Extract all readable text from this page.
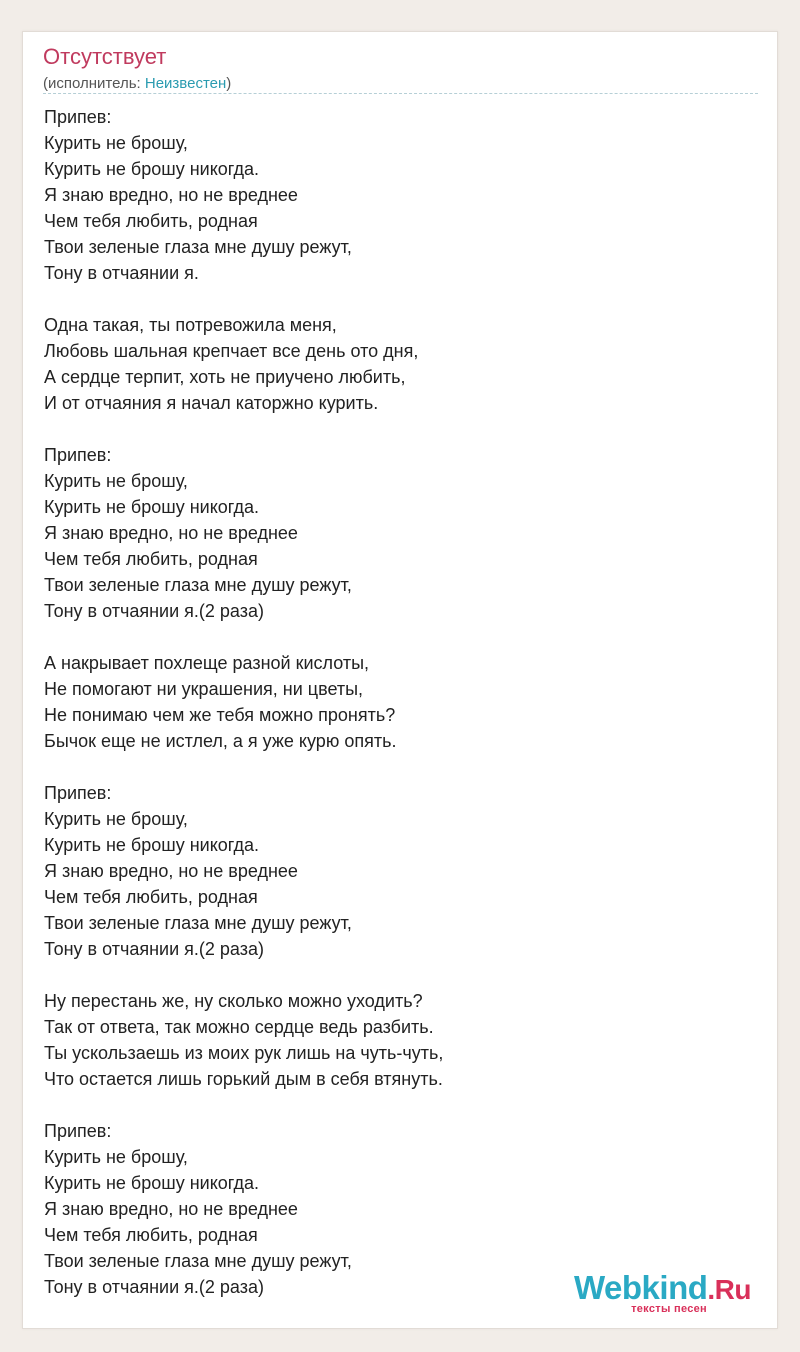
Отсутствует
(исполнитель: Неизвестен)
Припев:
Курить не брошу,
Курить не брошу никогда.
Я знаю вредно, но не вреднее
Чем тебя любить, родная
Твои зеленые глаза мне душу режут,
Тону в отчаянии я.
Одна такая, ты потревожила меня,
Любовь шальная крепчает все день ото дня,
А сердце терпит, хоть не приучено любить,
И от отчаяния я начал каторжно курить.
Припев:
Курить не брошу,
Курить не брошу никогда.
Я знаю вредно, но не вреднее
Чем тебя любить, родная
Твои зеленые глаза мне душу режут,
Тону в отчаянии я.(2 раза)
А накрывает похлеще разной кислоты,
Не помогают ни украшения, ни цветы,
Не понимаю чем же тебя можно пронять?
Бычок еще не истлел, а я уже курю опять.
Припев:
Курить не брошу,
Курить не брошу никогда.
Я знаю вредно, но не вреднее
Чем тебя любить, родная
Твои зеленые глаза мне душу режут,
Тону в отчаянии я.(2 раза)
Ну перестань же, ну сколько можно уходить?
Так от ответа, так можно сердце ведь разбить.
Ты ускользаешь из моих рук лишь на чуть-чуть,
Что остается лишь горький дым в себя втянуть.
Припев:
Курить не брошу,
Курить не брошу никогда.
Я знаю вредно, но не вреднее
Чем тебя любить, родная
Твои зеленые глаза мне душу режут,
Тону в отчаянии я.(2 раза)	Webkind.Ru
тексты песен
